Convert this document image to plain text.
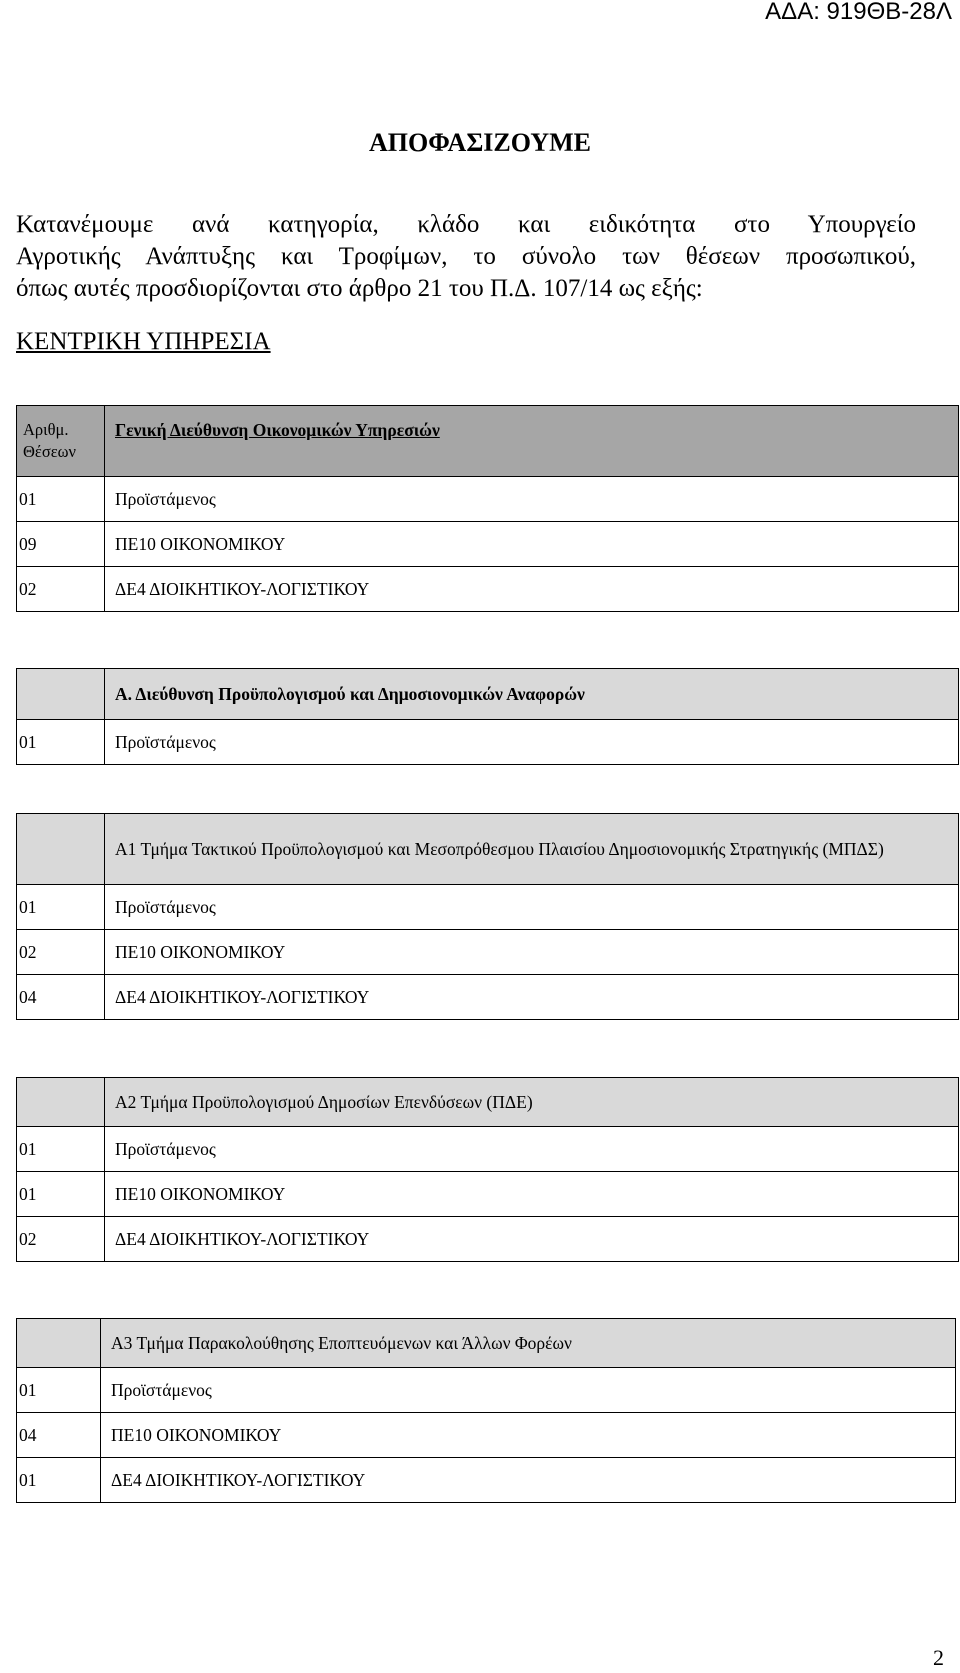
ΑΔΑ: 919ΘΒ-28Λ
ΑΠΟΦΑΣΙΖΟΥΜΕ
Κατανέμουμε ανά κατηγορία, κλάδο και ειδικότητα στο Υπουργείο
Αγροτικής Ανάπτυξης και Τροφίμων, το σύνολο των θέσεων προσωπικού,
όπως αυτές προσδιορίζονται στο άρθρο 21 του Π.Δ. 107/14 ως εξής:
ΚΕΝΤΡΙΚΗ ΥΠΗΡΕΣΙΑ
Αριθμ. Θέσεων	Γενική Διεύθυνση Οικονομικών Υπηρεσιών
01	Προϊστάμενος
09	ΠΕ10 ΟΙΚΟΝΟΜΙΚΟΥ
02	ΔΕ4 ΔΙΟΙΚΗΤΙΚΟΥ-ΛΟΓΙΣΤΙΚΟΥ
	Α. Διεύθυνση Προϋπολογισμού και Δημοσιονομικών Αναφορών
01	Προϊστάμενος
	Α1 Τμήμα Τακτικού Προϋπολογισμού και Μεσοπρόθεσμου Πλαισίου Δημοσιονομικής Στρατηγικής (ΜΠΔΣ)
01	Προϊστάμενος
02	ΠΕ10 ΟΙΚΟΝΟΜΙΚΟΥ
04	ΔΕ4 ΔΙΟΙΚΗΤΙΚΟΥ-ΛΟΓΙΣΤΙΚΟΥ
	Α2 Τμήμα Προϋπολογισμού Δημοσίων Επενδύσεων (ΠΔΕ)
01	Προϊστάμενος
01	ΠΕ10 ΟΙΚΟΝΟΜΙΚΟΥ
02	ΔΕ4 ΔΙΟΙΚΗΤΙΚΟΥ-ΛΟΓΙΣΤΙΚΟΥ
	Α3 Τμήμα Παρακολούθησης Εποπτευόμενων και Άλλων Φορέων
01	Προϊστάμενος
04	ΠΕ10 ΟΙΚΟΝΟΜΙΚΟΥ
01	ΔΕ4 ΔΙΟΙΚΗΤΙΚΟΥ-ΛΟΓΙΣΤΙΚΟΥ
2
